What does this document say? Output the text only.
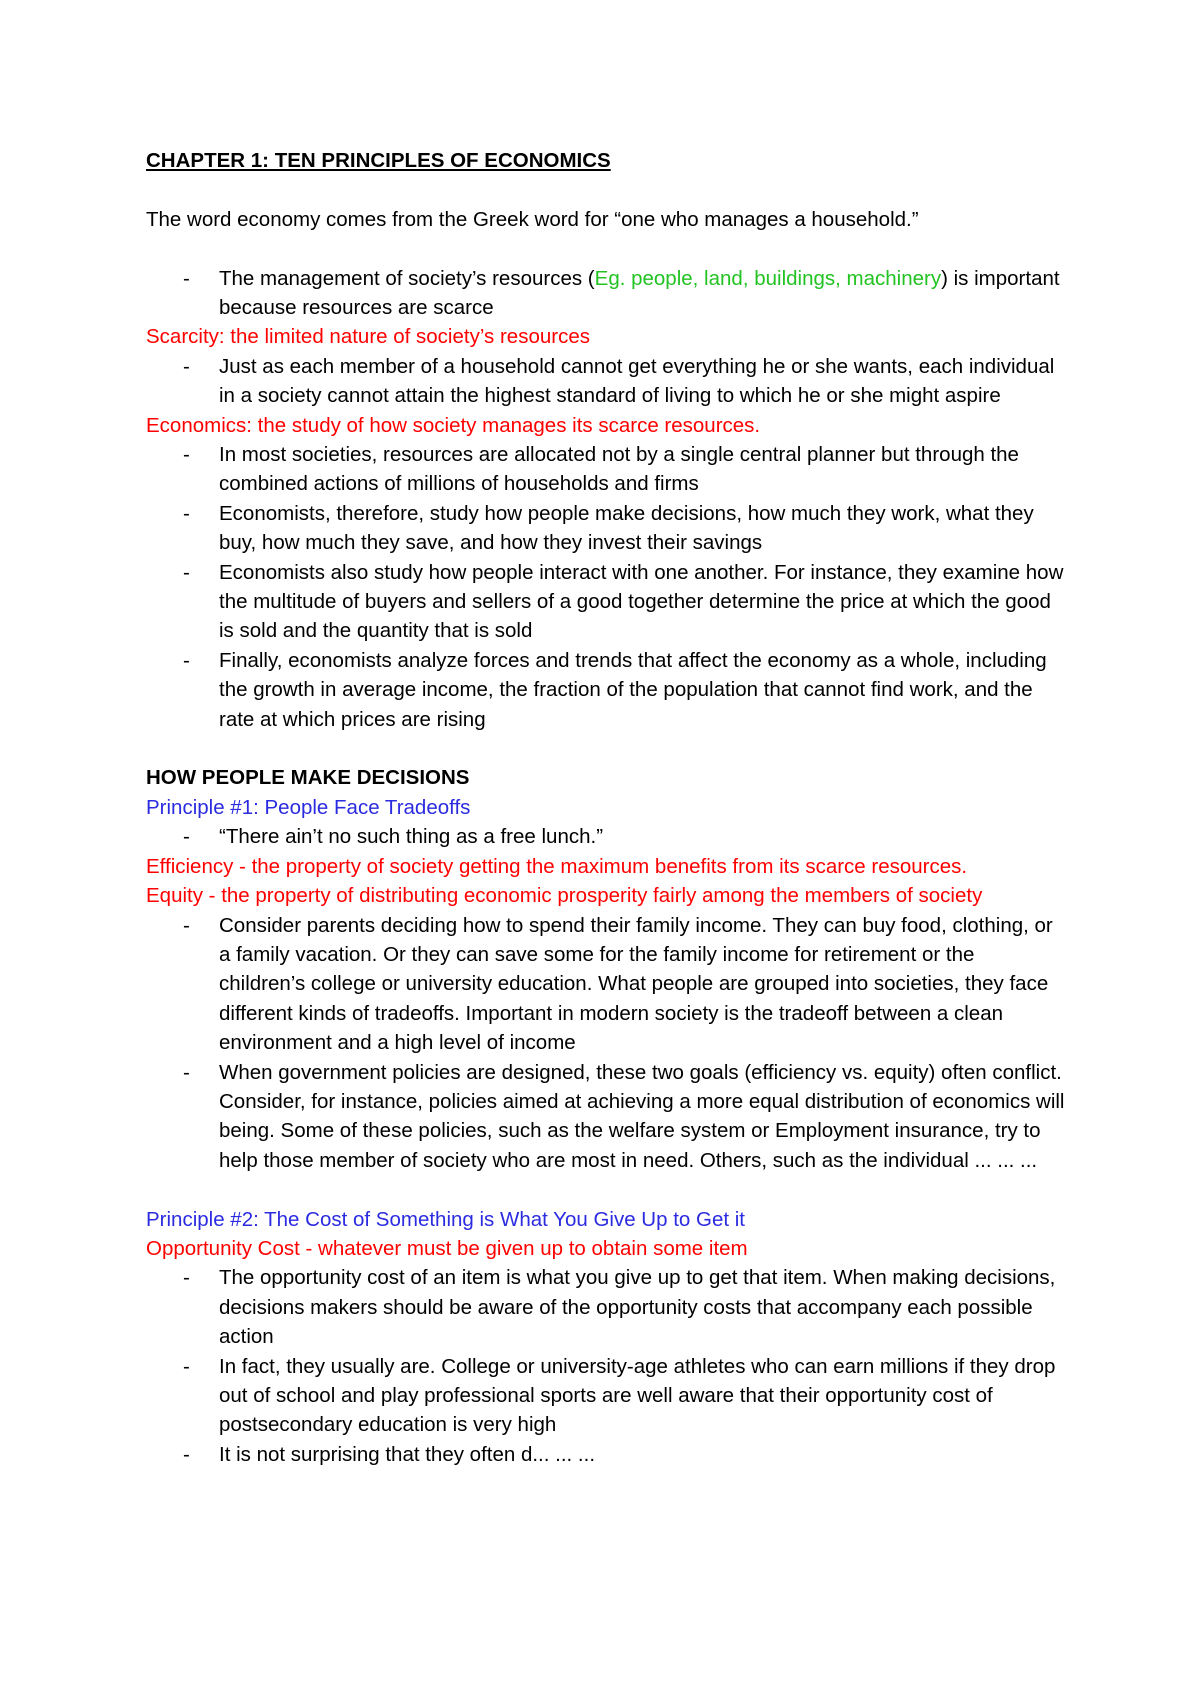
CHAPTER 1: TEN PRINCIPLES OF ECONOMICS

The word economy comes from the Greek word for “one who manages a household.”

- The management of society’s resources (Eg. people, land, buildings, machinery) is important because resources are scarce

Scarcity: the limited nature of society’s resources

- Just as each member of a household cannot get everything he or she wants, each individual in a society cannot attain the highest standard of living to which he or she might aspire

Economics: the study of how society manages its scarce resources.

- In most societies, resources are allocated not by a single central planner but through the combined actions of millions of households and firms
- Economists, therefore, study how people make decisions, how much they work, what they buy, how much they save, and how they invest their savings
- Economists also study how people interact with one another. For instance, they examine how the multitude of buyers and sellers of a good together determine the price at which the good is sold and the quantity that is sold
- Finally, economists analyze forces and trends that affect the economy as a whole, including the growth in average income, the fraction of the population that cannot find work, and the rate at which prices are rising

HOW PEOPLE MAKE DECISIONS

Principle #1: People Face Tradeoffs

- “There ain’t no such thing as a free lunch.”

Efficiency - the property of society getting the maximum benefits from its scarce resources.

Equity - the property of distributing economic prosperity fairly among the members of society

- Consider parents deciding how to spend their family income. They can buy food, clothing, or a family vacation. Or they can save some for the family income for retirement or the children’s college or university education. What people are grouped into societies, they face different kinds of tradeoffs. Important in modern society is the tradeoff between a clean environment and a high level of income
- When government policies are designed, these two goals (efficiency vs. equity) often conflict. Consider, for instance, policies aimed at achieving a more equal distribution of economics will being. Some of these policies, such as the welfare system or Employment insurance, try to help those member of society who are most in need. Others, such as the individual ... ... ...

Principle #2: The Cost of Something is What You Give Up to Get it

Opportunity Cost - whatever must be given up to obtain some item

- The opportunity cost of an item is what you give up to get that item. When making decisions, decisions makers should be aware of the opportunity costs that accompany each possible action
- In fact, they usually are. College or university-age athletes who can earn millions if they drop out of school and play professional sports are well aware that their opportunity cost of postsecondary education is very high
- It is not surprising that they often d... ... ...
